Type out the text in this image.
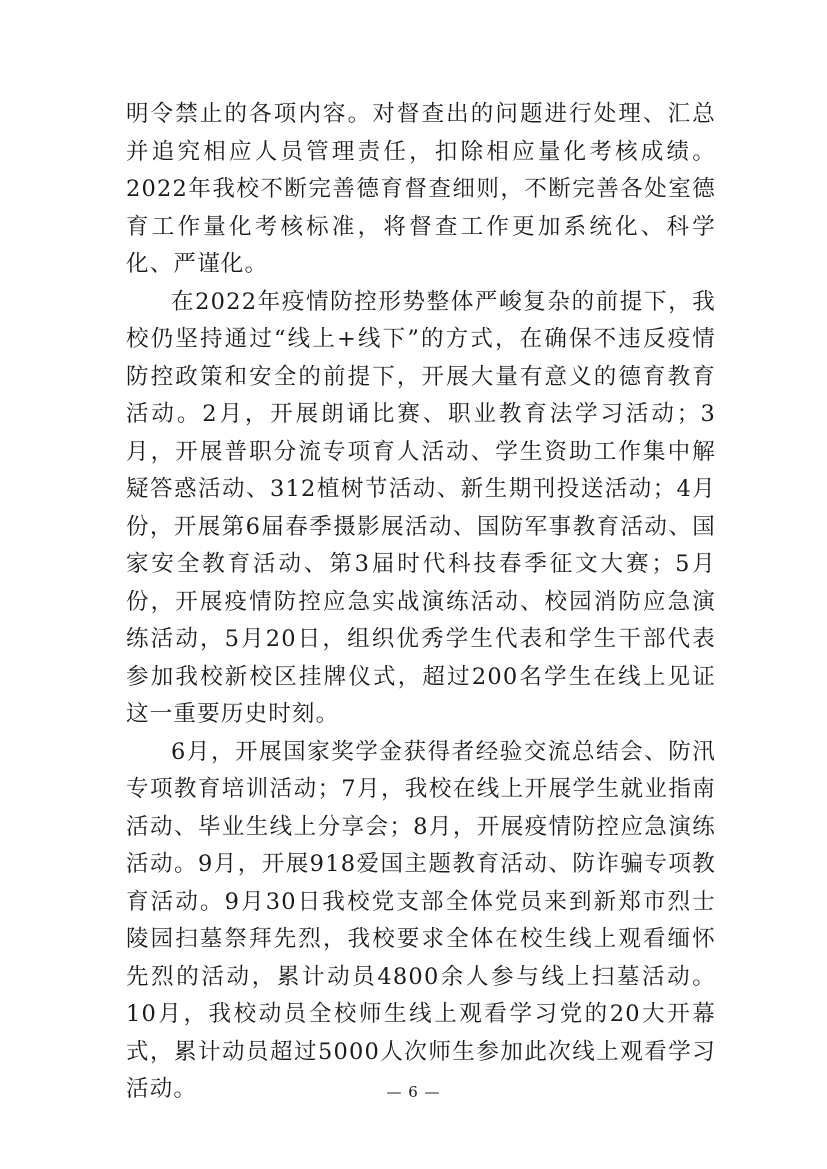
明令禁止的各项内容。对督查出的问题进行处理、汇总并追究相应人员管理责任，扣除相应量化考核成绩。2022年我校不断完善德育督查细则，不断完善各处室德育工作量化考核标准，将督查工作更加系统化、科学化、严谨化。

在2022年疫情防控形势整体严峻复杂的前提下，我校仍坚持通过“线上+线下”的方式，在确保不违反疫情防控政策和安全的前提下，开展大量有意义的德育教育活动。2月，开展朗诵比赛、职业教育法学习活动；3月，开展普职分流专项育人活动、学生资助工作集中解疑答惑活动、312植树节活动、新生期刊投送活动；4月份，开展第6届春季摄影展活动、国防军事教育活动、国家安全教育活动、第3届时代科技春季征文大赛；5月份，开展疫情防控应急实战演练活动、校园消防应急演练活动，5月20日，组织优秀学生代表和学生干部代表参加我校新校区挂牌仪式，超过200名学生在线上见证这一重要历史时刻。

6月，开展国家奖学金获得者经验交流总结会、防汛专项教育培训活动；7月，我校在线上开展学生就业指南活动、毕业生线上分享会；8月，开展疫情防控应急演练活动。9月，开展918爱国主题教育活动、防诈骗专项教育活动。9月30日我校党支部全体党员来到新郑市烈士陵园扫墓祭拜先烈，我校要求全体在校生线上观看缅怀先烈的活动，累计动员4800余人参与线上扫墓活动。10月，我校动员全校师生线上观看学习党的20大开幕式，累计动员超过5000人次师生参加此次线上观看学习活动。	— 6 —
